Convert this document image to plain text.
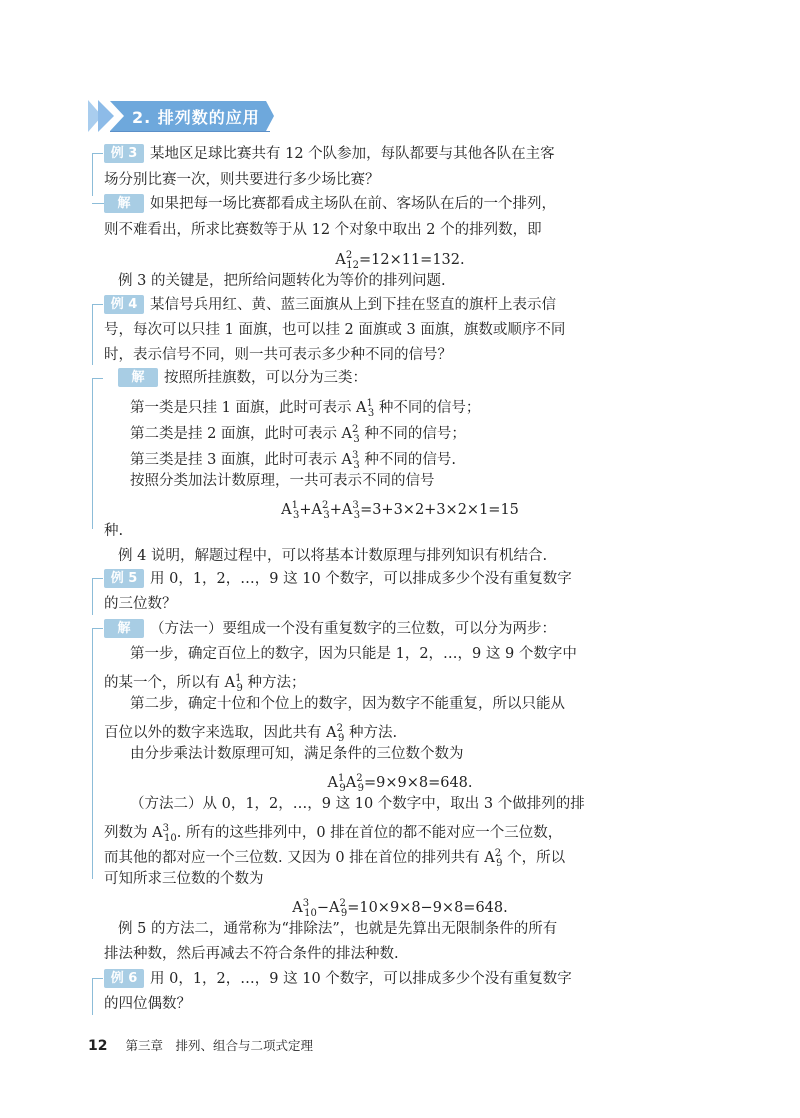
2. 排列数的应用
例 3 某地区足球比赛共有 12 个队参加，每队都要与其他各队在主客
场分别比赛一次，则共要进行多少场比赛？
解 如果把每一场比赛都看成主场队在前、客场队在后的一个排列，
则不难看出，所求比赛数等于从 12 个对象中取出 2 个的排列数，即
$A^2_{12}=12\times 11=132$.
例 3 的关键是，把所给问题转化为等价的排列问题.
例 4 某信号兵用红、黄、蓝三面旗从上到下挂在竖直的旗杆上表示信
号，每次可以只挂 1 面旗，也可以挂 2 面旗或 3 面旗，旗数或顺序不同
时，表示信号不同，则一共可表示多少种不同的信号？
解 按照所挂旗数，可以分为三类：
第一类是只挂 1 面旗，此时可表示 $A^1_3$ 种不同的信号；
第二类是挂 2 面旗，此时可表示 $A^2_3$ 种不同的信号；
第三类是挂 3 面旗，此时可表示 $A^3_3$ 种不同的信号.
按照分类加法计数原理，一共可表示不同的信号
$A^1_3+A^2_3+A^3_3=3+3\times 2+3\times 2\times 1=15$
种.
例 4 说明，解题过程中，可以将基本计数原理与排列知识有机结合.
例 5 用 0，1，2，…，9 这 10 个数字，可以排成多少个没有重复数字
的三位数？
解 （方法一）要组成一个没有重复数字的三位数，可以分为两步：
第一步，确定百位上的数字，因为只能是 1，2，…，9 这 9 个数字中
的某一个，所以有 $A^1_9$ 种方法；
第二步，确定十位和个位上的数字，因为数字不能重复，所以只能从
百位以外的数字来选取，因此共有 $A^2_9$ 种方法.
由分步乘法计数原理可知，满足条件的三位数个数为
$A^1_9A^2_9=9\times 9\times 8=648$.
（方法二）从 0，1，2，…，9 这 10 个数字中，取出 3 个做排列的排
列数为 $A^3_{10}$. 所有的这些排列中，0 排在首位的都不能对应一个三位数，
而其他的都对应一个三位数. 又因为 0 排在首位的排列共有 $A^2_9$ 个，所以
可知所求三位数的个数为
$A^3_{10}-A^2_9=10\times 9\times 8-9\times 8=648$.
例 5 的方法二，通常称为“排除法”，也就是先算出无限制条件的所有
排法种数，然后再减去不符合条件的排法种数.
例 6 用 0，1，2，…，9 这 10 个数字，可以排成多少个没有重复数字
的四位偶数？
12 第三章　排列、组合与二项式定理
